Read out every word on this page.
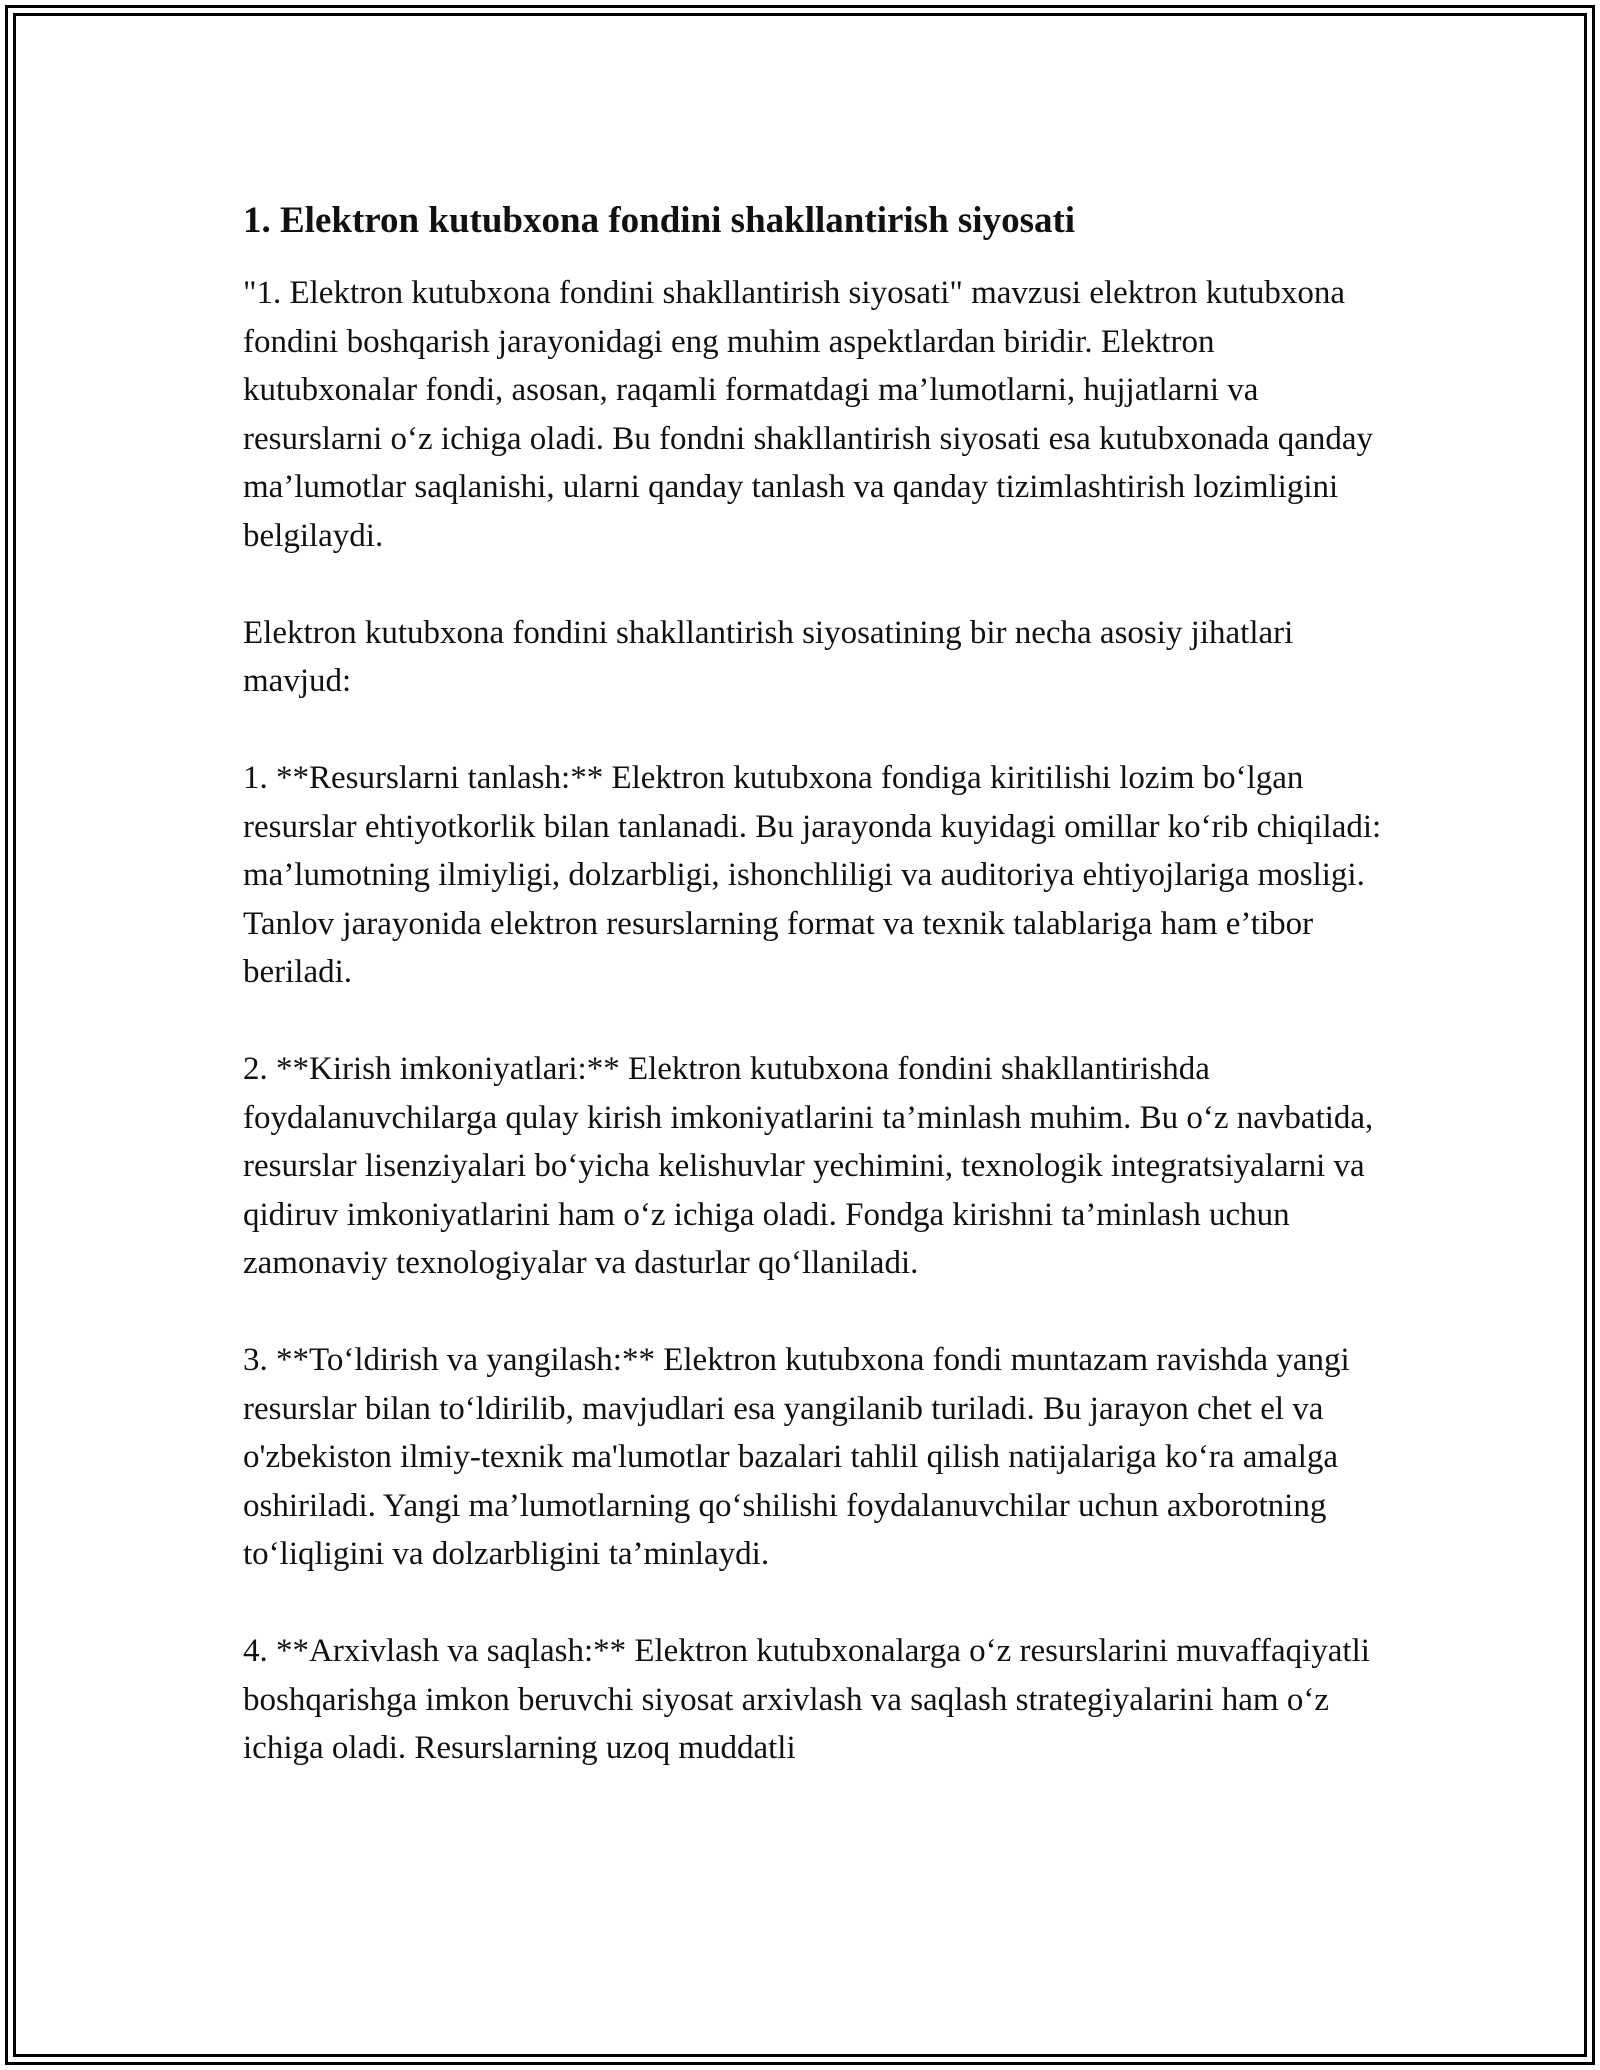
1. Elektron kutubxona fondini shakllantirish siyosati

"1. Elektron kutubxona fondini shakllantirish siyosati" mavzusi elektron kutubxona fondini boshqarish jarayonidagi eng muhim aspektlardan biridir. Elektron kutubxonalar fondi, asosan, raqamli formatdagi ma’lumotlarni, hujjatlarni va resurslarni o‘z ichiga oladi. Bu fondni shakllantirish siyosati esa kutubxonada qanday ma’lumotlar saqlanishi, ularni qanday tanlash va qanday tizimlashtirish lozimligini belgilaydi.

Elektron kutubxona fondini shakllantirish siyosatining bir necha asosiy jihatlari mavjud:

1. **Resurslarni tanlash:** Elektron kutubxona fondiga kiritilishi lozim bo‘lgan resurslar ehtiyotkorlik bilan tanlanadi. Bu jarayonda kuyidagi omillar ko‘rib chiqiladi: ma’lumotning ilmiyligi, dolzarbligi, ishonchliligi va auditoriya ehtiyojlariga mosligi. Tanlov jarayonida elektron resurslarning format va texnik talablariga ham e’tibor beriladi.

2. **Kirish imkoniyatlari:** Elektron kutubxona fondini shakllantirishda foydalanuvchilarga qulay kirish imkoniyatlarini ta’minlash muhim. Bu o‘z navbatida, resurslar lisenziyalari bo‘yicha kelishuvlar yechimini, texnologik integratsiyalarni va qidiruv imkoniyatlarini ham o‘z ichiga oladi. Fondga kirishni ta’minlash uchun zamonaviy texnologiyalar va dasturlar qo‘llaniladi.

3. **To‘ldirish va yangilash:** Elektron kutubxona fondi muntazam ravishda yangi resurslar bilan to‘ldirilib, mavjudlari esa yangilanib turiladi. Bu jarayon chet el va o'zbekiston ilmiy-texnik ma'lumotlar bazalari tahlil qilish natijalariga ko‘ra amalga oshiriladi. Yangi ma’lumotlarning qo‘shilishi foydalanuvchilar uchun axborotning to‘liqligini va dolzarbligini ta’minlaydi.

4. **Arxivlash va saqlash:** Elektron kutubxonalarga o‘z resurslarini muvaffaqiyatli boshqarishga imkon beruvchi siyosat arxivlash va saqlash strategiyalarini ham o‘z ichiga oladi. Resurslarning uzoq muddatli
